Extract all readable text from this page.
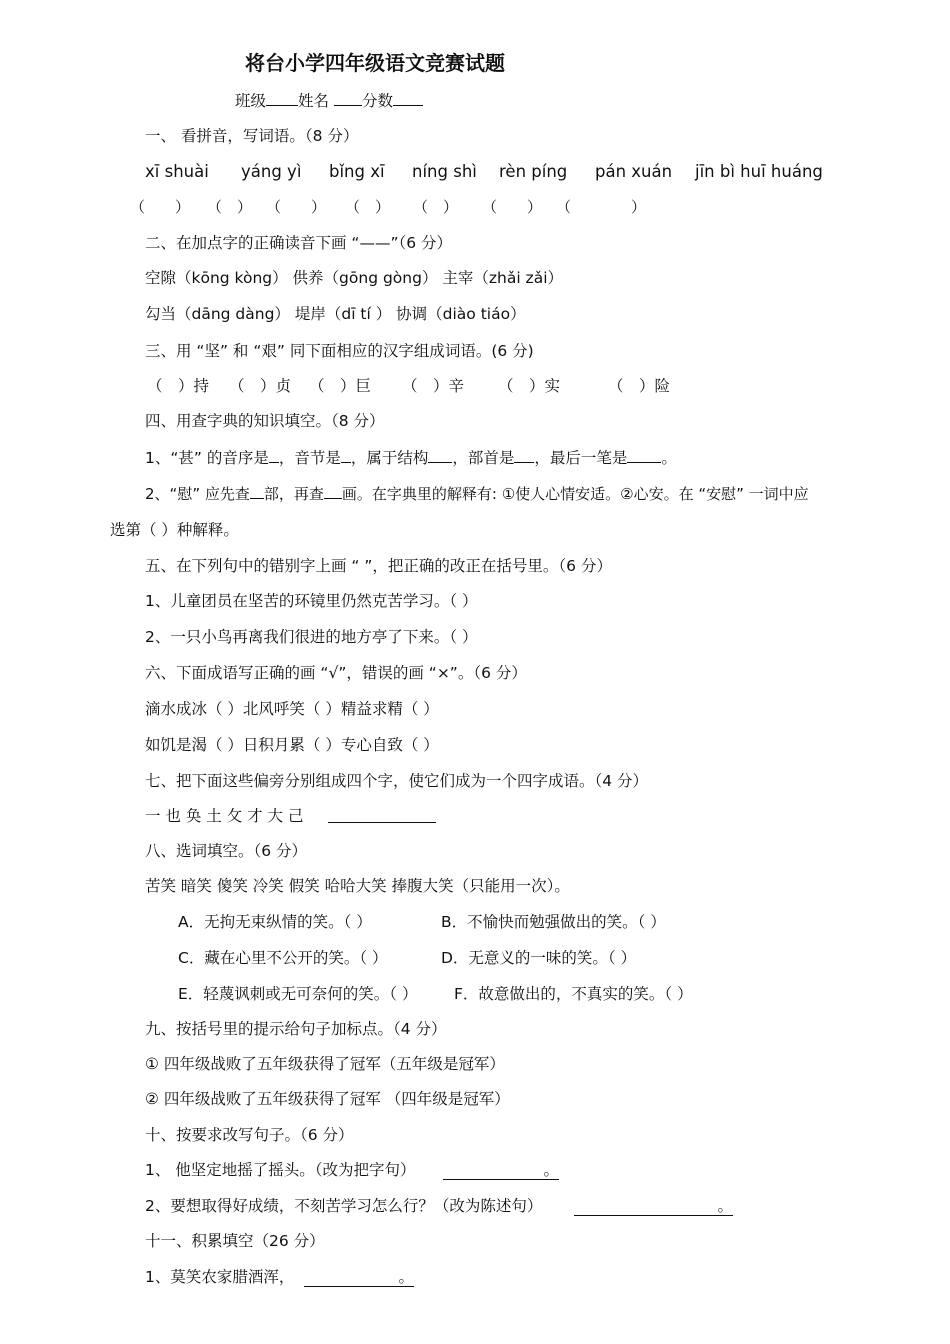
将台小学四年级语文竞赛试题
班级 姓名 分数
一、 看拼音，写词语。（8 分）
xī shuài yáng yì bǐng xī níng shì rèn píng pán xuán jīn bì huī huáng
（　　） （　） （　　） （　） （　） （　　） （　　　　）
二、在加点字的正确读音下画 “——”（6 分）
空隙（kōng kòng） 供养（gōng gòng） 主宰（zhǎi zǎi）
勾当（dāng dàng） 堤岸（dī tí ） 协调（diào tiáo）
三、用 “坚” 和 “艰” 同下面相应的汉字组成词语。(6 分)
（　）持 （　）贞 （　）巨 （　）辛 （　）实	（　）险
四、用查字典的知识填空。（8 分）
1、“甚” 的音序是 ，音节是 ，属于结构 ，部首是 ，最后一笔是 。
2、“慰” 应先查 部，再查 画。在字典里的解释有: ①使人心情安适。②心安。在 “安慰” 一词中应
选第（ ）种解释。
五、在下列句中的错别字上画 “ ”，把正确的改正在括号里。（6 分）
1、儿童团员在坚苦的环镜里仍然克苦学习。（ ）
2、一只小鸟再离我们很进的地方亭了下来。（ ）
六、下面成语写正确的画 “√”，错误的画 “×”。（6 分）
滴水成冰（ ）北风呼笑（ ）精益求精（ ）
如饥是渴（ ）日积月累（ ）专心自致（ ）
七、把下面这些偏旁分别组成四个字，使它们成为一个四字成语。（4 分）
一 也 奂 土 攵 才 大 己
八、选词填空。（6 分）
苦笑 暗笑 傻笑 冷笑 假笑 哈哈大笑 捧腹大笑（只能用一次）。
A．无拘无束纵情的笑。（ ）	B．不愉快而勉强做出的笑。（ ）
C．藏在心里不公开的笑。（ ）	D．无意义的一味的笑。（ ）
E．轻蔑讽刺或无可奈何的笑。（ ） F．故意做出的，不真实的笑。（ ）
九、按括号里的提示给句子加标点。（4 分）
① 四年级战败了五年级获得了冠军（五年级是冠军）
② 四年级战败了五年级获得了冠军 （四年级是冠军）
十、按要求改写句子。（6 分）
1、 他坚定地摇了摇头。（改为把字句）	。
2、要想取得好成绩，不刻苦学习怎么行？（改为陈述句）	。
十一、积累填空（26 分）
1、莫笑农家腊酒浑，	。
